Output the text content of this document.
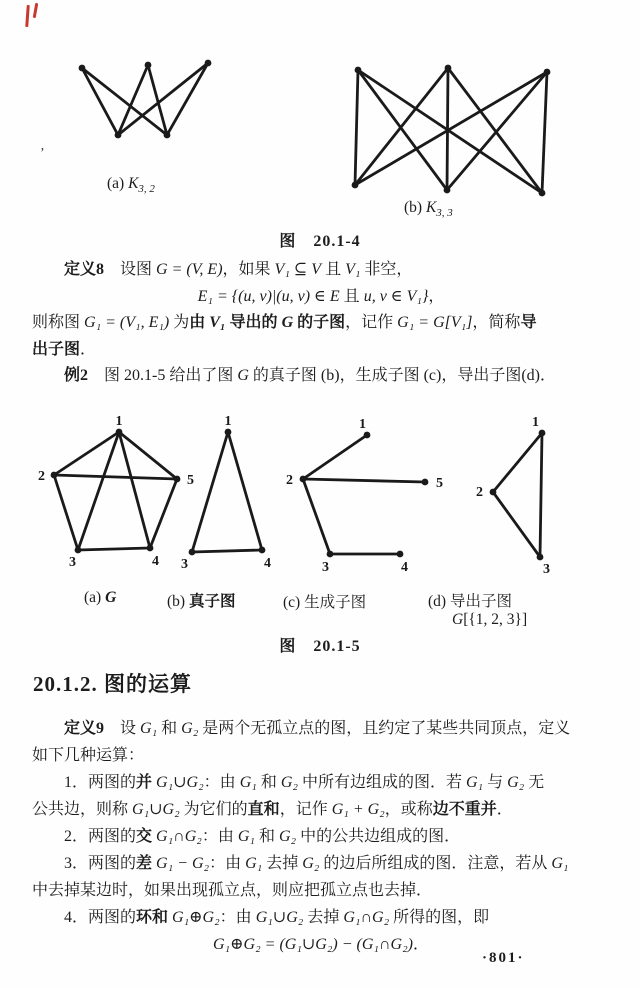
’
1
2	5
3	4
1
3	4
1
2	5
3	4
1
2
3
(a) $K_{3, 2}$
(b) $K_{3, 3}$
图　20.1-4
定义8　设图 G = (V, E)，如果 V₁ ⊆ V 且 V₁ 非空，
E₁ = {(u, v)|(u, v) ∈ E 且 u, v ∈ V₁}，
则称图 G₁ = (V₁, E₁) 为由 V₁ 导出的 G 的子图，记作 G₁ = G[V₁]，简称导
出子图．
例2　图 20.1-5 给出了图 G 的真子图 (b)，生成子图 (c)，导出子图(d)．
(a) G	(b) 真子图	(c) 生成子图	(d) 导出子图
G[{1, 2, 3}]
图　20.1-5
20.1.2. 图的运算
定义9　设 G₁ 和 G₂ 是两个无孤立点的图，且约定了某些共同顶点，定义
如下几种运算：
1．两图的并 G₁∪G₂：由 G₁ 和 G₂ 中所有边组成的图．若 G₁ 与 G₂ 无
公共边，则称 G₁∪G₂ 为它们的直和，记作 G₁ + G₂，或称边不重并．
2．两图的交 G₁∩G₂：由 G₁ 和 G₂ 中的公共边组成的图．
3．两图的差 G₁ − G₂：由 G₁ 去掉 G₂ 的边后所组成的图．注意，若从 G₁
中去掉某边时，如果出现孤立点，则应把孤立点也去掉．
4．两图的环和 G₁⊕G₂：由 G₁∪G₂ 去掉 G₁∩G₂ 所得的图，即
G₁⊕G₂ = (G₁∪G₂) − (G₁∩G₂)．
·801·
